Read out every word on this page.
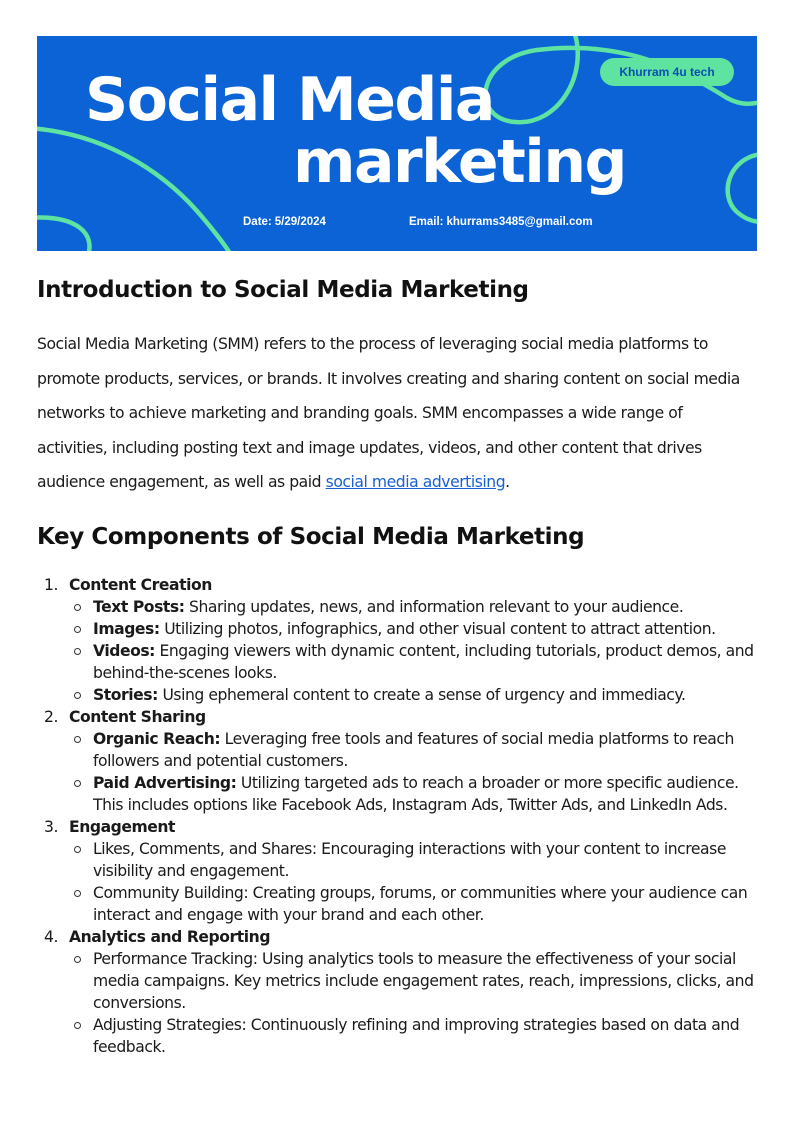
Khurram 4u tech
Social Media
marketing
Date: 5/29/2024	Email: khurrams3485@gmail.com
Introduction to Social Media Marketing

Social Media Marketing (SMM) refers to the process of leveraging social media platforms to promote products, services, or brands. It involves creating and sharing content on social media networks to achieve marketing and branding goals. SMM encompasses a wide range of activities, including posting text and image updates, videos, and other content that drives audience engagement, as well as paid social media advertising.

Key Components of Social Media Marketing
1. Content Creation
Text Posts: Sharing updates, news, and information relevant to your audience.
Images: Utilizing photos, infographics, and other visual content to attract attention.
Videos: Engaging viewers with dynamic content, including tutorials, product demos, and behind-the-scenes looks.
Stories: Using ephemeral content to create a sense of urgency and immediacy.
2. Content Sharing
Organic Reach: Leveraging free tools and features of social media platforms to reach followers and potential customers.
Paid Advertising: Utilizing targeted ads to reach a broader or more specific audience. This includes options like Facebook Ads, Instagram Ads, Twitter Ads, and LinkedIn Ads.
3. Engagement
Likes, Comments, and Shares: Encouraging interactions with your content to increase visibility and engagement.
Community Building: Creating groups, forums, or communities where your audience can interact and engage with your brand and each other.
4. Analytics and Reporting
Performance Tracking: Using analytics tools to measure the effectiveness of your social media campaigns. Key metrics include engagement rates, reach, impressions, clicks, and conversions.
Adjusting Strategies: Continuously refining and improving strategies based on data and feedback.
